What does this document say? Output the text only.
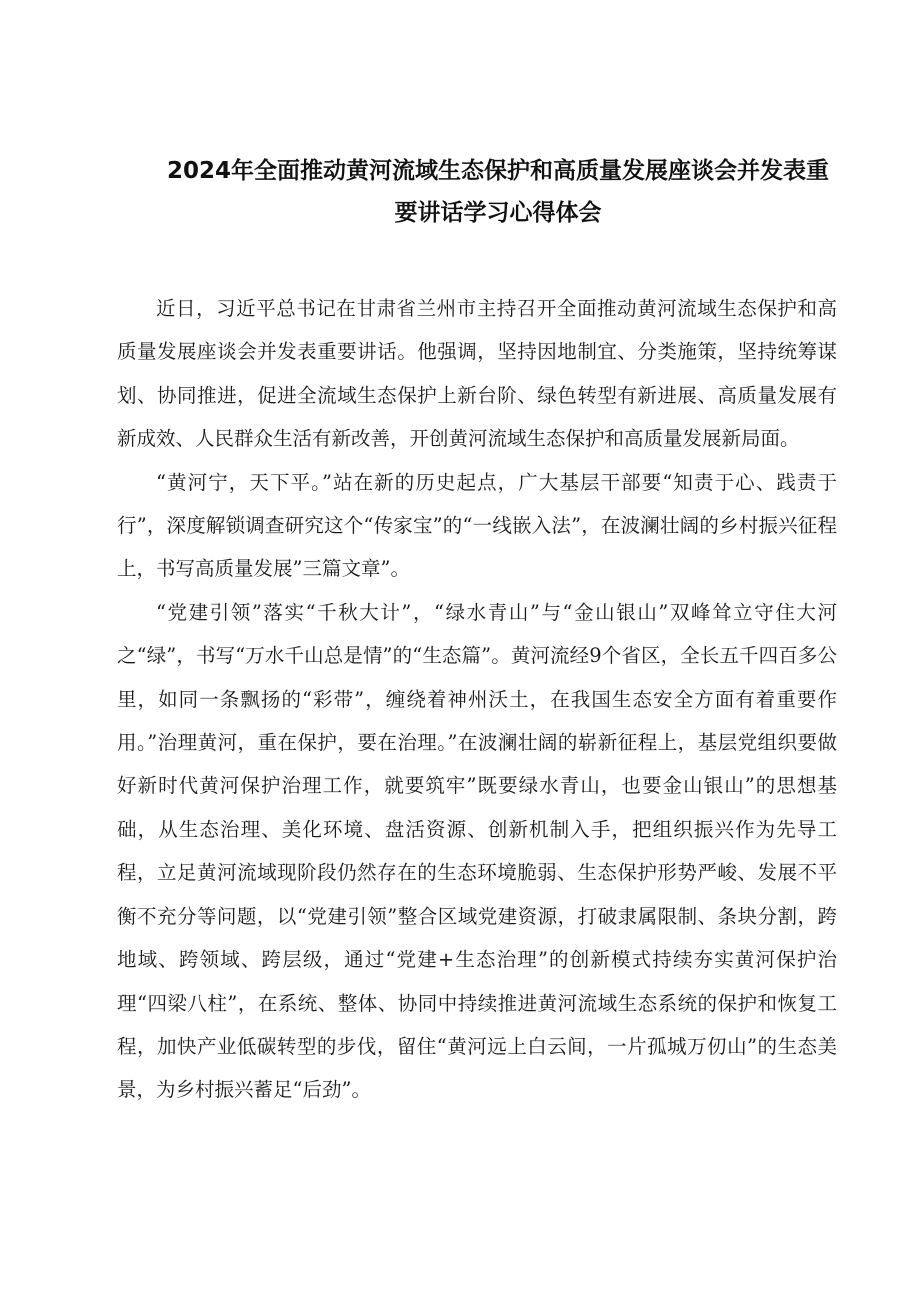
2024年全面推动黄河流域生态保护和高质量发展座谈会并发表重
要讲话学习心得体会

近日，习近平总书记在甘肃省兰州市主持召开全面推动黄河流域生态保护和高质量发展座谈会并发表重要讲话。他强调，坚持因地制宜、分类施策，坚持统筹谋划、协同推进，促进全流域生态保护上新台阶、绿色转型有新进展、高质量发展有新成效、人民群众生活有新改善，开创黄河流域生态保护和高质量发展新局面。

“黄河宁，天下平。”站在新的历史起点，广大基层干部要“知责于心、践责于行”，深度解锁调查研究这个“传家宝”的“一线嵌入法”，在波澜壮阔的乡村振兴征程上，书写高质量发展”三篇文章”。

“党建引领”落实“千秋大计”，“绿水青山”与“金山银山”双峰耸立守住大河之“绿”，书写“万水千山总是情”的“生态篇”。黄河流经9个省区，全长五千四百多公里，如同一条飘扬的“彩带”，缠绕着神州沃土，在我国生态安全方面有着重要作用。”治理黄河，重在保护，要在治理。”在波澜壮阔的崭新征程上，基层党组织要做好新时代黄河保护治理工作，就要筑牢”既要绿水青山，也要金山银山”的思想基础，从生态治理、美化环境、盘活资源、创新机制入手，把组织振兴作为先导工程，立足黄河流域现阶段仍然存在的生态环境脆弱、生态保护形势严峻、发展不平衡不充分等问题，以“党建引领”整合区域党建资源，打破隶属限制、条块分割，跨地域、跨领域、跨层级，通过“党建+生态治理”的创新模式持续夯实黄河保护治理“四梁八柱”，在系统、整体、协同中持续推进黄河流域生态系统的保护和恢复工程，加快产业低碳转型的步伐，留住“黄河远上白云间，一片孤城万仞山”的生态美景，为乡村振兴蓄足“后劲”。
